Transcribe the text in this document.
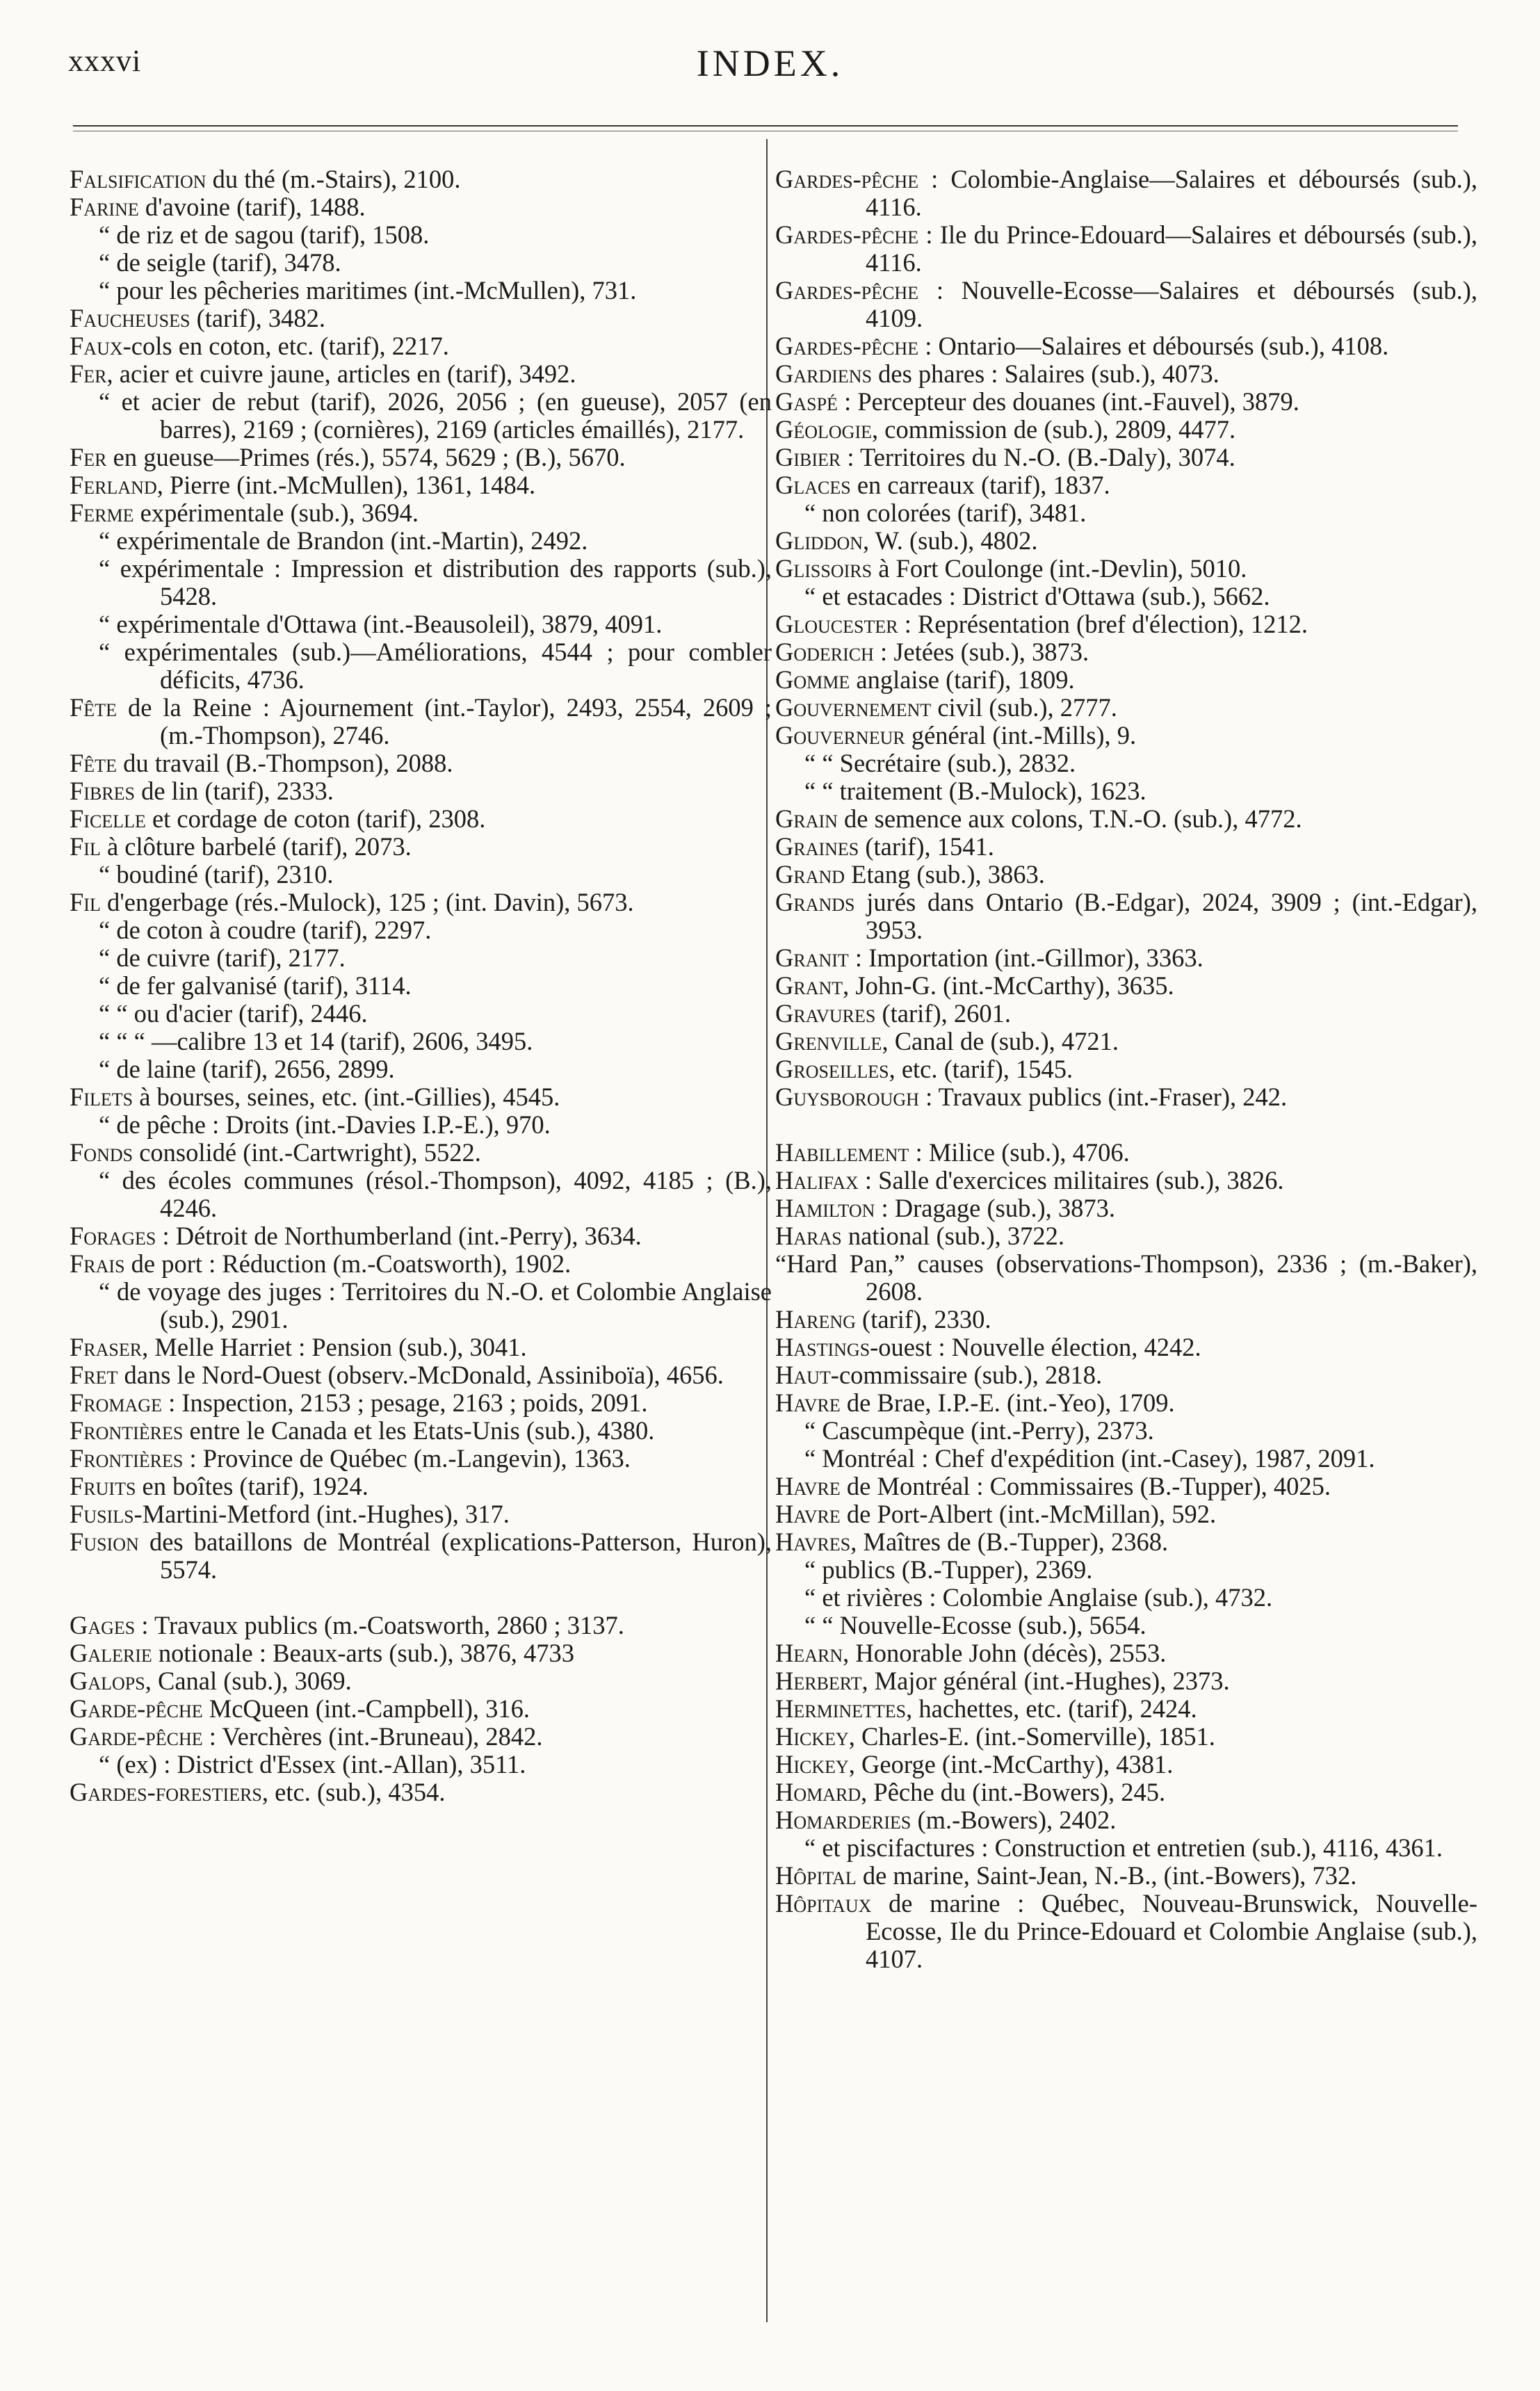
xxxvi	INDEX.
Falsification du thé (m.-Stairs), 2100.
Farine d'avoine (tarif), 1488.
“ de riz et de sagou (tarif), 1508.
“ de seigle (tarif), 3478.
“ pour les pêcheries maritimes (int.-McMullen), 731.
Faucheuses (tarif), 3482.
Faux-cols en coton, etc. (tarif), 2217.
Fer, acier et cuivre jaune, articles en (tarif), 3492.
“ et acier de rebut (tarif), 2026, 2056 ; (en gueuse), 2057 (en barres), 2169 ; (cornières), 2169 (articles émaillés), 2177.
Fer en gueuse—Primes (rés.), 5574, 5629 ; (B.), 5670.
Ferland, Pierre (int.-McMullen), 1361, 1484.
Ferme expérimentale (sub.), 3694.
“ expérimentale de Brandon (int.-Martin), 2492.
“ expérimentale : Impression et distribution des rapports (sub.), 5428.
“ expérimentale d'Ottawa (int.-Beausoleil), 3879, 4091.
“ expérimentales (sub.)—Améliorations, 4544 ; pour combler déficits, 4736.
Fête de la Reine : Ajournement (int.-Taylor), 2493, 2554, 2609 ; (m.-Thompson), 2746.
Fête du travail (B.-Thompson), 2088.
Fibres de lin (tarif), 2333.
Ficelle et cordage de coton (tarif), 2308.
Fil à clôture barbelé (tarif), 2073.
“ boudiné (tarif), 2310.
Fil d'engerbage (rés.-Mulock), 125 ; (int. Davin), 5673.
“ de coton à coudre (tarif), 2297.
“ de cuivre (tarif), 2177.
“ de fer galvanisé (tarif), 3114.
“ “ ou d'acier (tarif), 2446.
“ “ “ —calibre 13 et 14 (tarif), 2606, 3495.
“ de laine (tarif), 2656, 2899.
Filets à bourses, seines, etc. (int.-Gillies), 4545.
“ de pêche : Droits (int.-Davies I.P.-E.), 970.
Fonds consolidé (int.-Cartwright), 5522.
“ des écoles communes (résol.-Thompson), 4092, 4185 ; (B.), 4246.
Forages : Détroit de Northumberland (int.-Perry), 3634.
Frais de port : Réduction (m.-Coatsworth), 1902.
“ de voyage des juges : Territoires du N.-O. et Colombie Anglaise (sub.), 2901.
Fraser, Melle Harriet : Pension (sub.), 3041.
Fret dans le Nord-Ouest (observ.-McDonald, Assiniboïa), 4656.
Fromage : Inspection, 2153 ; pesage, 2163 ; poids, 2091.
Frontières entre le Canada et les Etats-Unis (sub.), 4380.
Frontières : Province de Québec (m.-Langevin), 1363.
Fruits en boîtes (tarif), 1924.
Fusils-Martini-Metford (int.-Hughes), 317.
Fusion des bataillons de Montréal (explications-Patterson, Huron), 5574.
Gages : Travaux publics (m.-Coatsworth, 2860 ; 3137.
Galerie notionale : Beaux-arts (sub.), 3876, 4733
Galops, Canal (sub.), 3069.
Garde-pêche McQueen (int.-Campbell), 316.
Garde-pêche : Verchères (int.-Bruneau), 2842.
“ (ex) : District d'Essex (int.-Allan), 3511.
Gardes-forestiers, etc. (sub.), 4354.
Gardes-pêche : Colombie-Anglaise—Salaires et déboursés (sub.), 4116.
Gardes-pêche : Ile du Prince-Edouard—Salaires et déboursés (sub.), 4116.
Gardes-pêche : Nouvelle-Ecosse—Salaires et déboursés (sub.), 4109.
Gardes-pêche : Ontario—Salaires et déboursés (sub.), 4108.
Gardiens des phares : Salaires (sub.), 4073.
Gaspé : Percepteur des douanes (int.-Fauvel), 3879.
Géologie, commission de (sub.), 2809, 4477.
Gibier : Territoires du N.-O. (B.-Daly), 3074.
Glaces en carreaux (tarif), 1837.
“ non colorées (tarif), 3481.
Gliddon, W. (sub.), 4802.
Glissoirs à Fort Coulonge (int.-Devlin), 5010.
“ et estacades : District d'Ottawa (sub.), 5662.
Gloucester : Représentation (bref d'élection), 1212.
Goderich : Jetées (sub.), 3873.
Gomme anglaise (tarif), 1809.
Gouvernement civil (sub.), 2777.
Gouverneur général (int.-Mills), 9.
“ “ Secrétaire (sub.), 2832.
“ “ traitement (B.-Mulock), 1623.
Grain de semence aux colons, T.N.-O. (sub.), 4772.
Graines (tarif), 1541.
Grand Etang (sub.), 3863.
Grands jurés dans Ontario (B.-Edgar), 2024, 3909 ; (int.-Edgar), 3953.
Granit : Importation (int.-Gillmor), 3363.
Grant, John-G. (int.-McCarthy), 3635.
Gravures (tarif), 2601.
Grenville, Canal de (sub.), 4721.
Groseilles, etc. (tarif), 1545.
Guysborough : Travaux publics (int.-Fraser), 242.
Habillement : Milice (sub.), 4706.
Halifax : Salle d'exercices militaires (sub.), 3826.
Hamilton : Dragage (sub.), 3873.
Haras national (sub.), 3722.
“Hard Pan,” causes (observations-Thompson), 2336 ; (m.-Baker), 2608.
Hareng (tarif), 2330.
Hastings-ouest : Nouvelle élection, 4242.
Haut-commissaire (sub.), 2818.
Havre de Brae, I.P.-E. (int.-Yeo), 1709.
“ Cascumpèque (int.-Perry), 2373.
“ Montréal : Chef d'expédition (int.-Casey), 1987, 2091.
Havre de Montréal : Commissaires (B.-Tupper), 4025.
Havre de Port-Albert (int.-McMillan), 592.
Havres, Maîtres de (B.-Tupper), 2368.
“ publics (B.-Tupper), 2369.
“ et rivières : Colombie Anglaise (sub.), 4732.
“ “ Nouvelle-Ecosse (sub.), 5654.
Hearn, Honorable John (décès), 2553.
Herbert, Major général (int.-Hughes), 2373.
Herminettes, hachettes, etc. (tarif), 2424.
Hickey, Charles-E. (int.-Somerville), 1851.
Hickey, George (int.-McCarthy), 4381.
Homard, Pêche du (int.-Bowers), 245.
Homarderies (m.-Bowers), 2402.
“ et piscifactures : Construction et entretien (sub.), 4116, 4361.
Hôpital de marine, Saint-Jean, N.-B., (int.-Bowers), 732.
Hôpitaux de marine : Québec, Nouveau-Brunswick, Nouvelle-Ecosse, Ile du Prince-Edouard et Colombie Anglaise (sub.), 4107.
